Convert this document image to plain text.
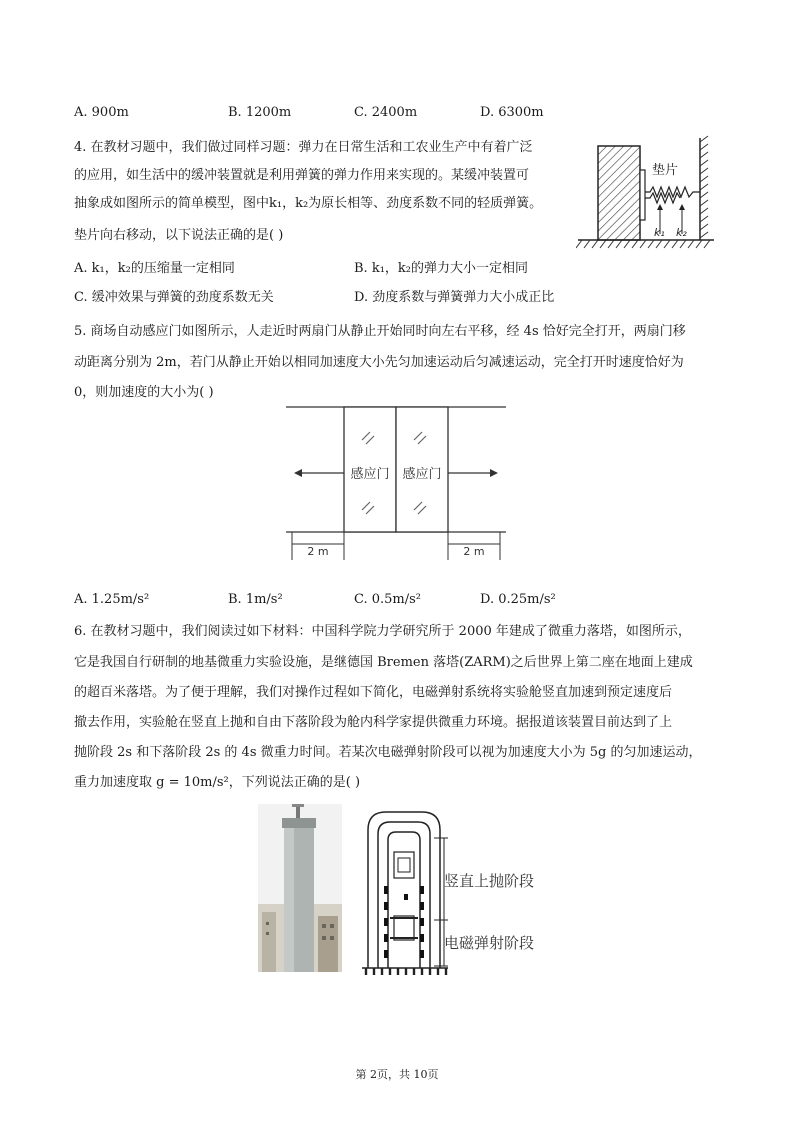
A. 900m	B. 1200m	C. 2400m	D. 6300m
4. 在教材习题中，我们做过同样习题：弹力在日常生活和工农业生产中有着广泛
的应用，如生活中的缓冲装置就是利用弹簧的弹力作用来实现的。某缓冲装置可
抽象成如图所示的简单模型，图中k₁，k₂为原长相等、劲度系数不同的轻质弹簧。
垫片向右移动，以下说法正确的是( )
垫片
k₁ k₂
A. k₁，k₂的压缩量一定相同	B. k₁，k₂的弹力大小一定相同
C. 缓冲效果与弹簧的劲度系数无关	D. 劲度系数与弹簧弹力大小成正比
5. 商场自动感应门如图所示，人走近时两扇门从静止开始同时向左右平移，经 4s 恰好完全打开，两扇门移
动距离分别为 2m，若门从静止开始以相同加速度大小先匀加速运动后匀减速运动，完全打开时速度恰好为
0，则加速度的大小为( )
感应门 感应门
2 m	2 m
A. 1.25m/s²	B. 1m/s²	C. 0.5m/s²	D. 0.25m/s²
6. 在教材习题中，我们阅读过如下材料：中国科学院力学研究所于 2000 年建成了微重力落塔，如图所示，
它是我国自行研制的地基微重力实验设施，是继德国 Bremen 落塔(ZARM)之后世界上第二座在地面上建成
的超百米落塔。为了便于理解，我们对操作过程如下简化，电磁弹射系统将实验舱竖直加速到预定速度后
撤去作用，实验舱在竖直上抛和自由下落阶段为舱内科学家提供微重力环境。据报道该装置目前达到了上
抛阶段 2s 和下落阶段 2s 的 4s 微重力时间。若某次电磁弹射阶段可以视为加速度大小为 5g 的匀加速运动，
重力加速度取 g = 10m/s²，下列说法正确的是( )
竖直上抛阶段
电磁弹射阶段
第 2页，共 10页
